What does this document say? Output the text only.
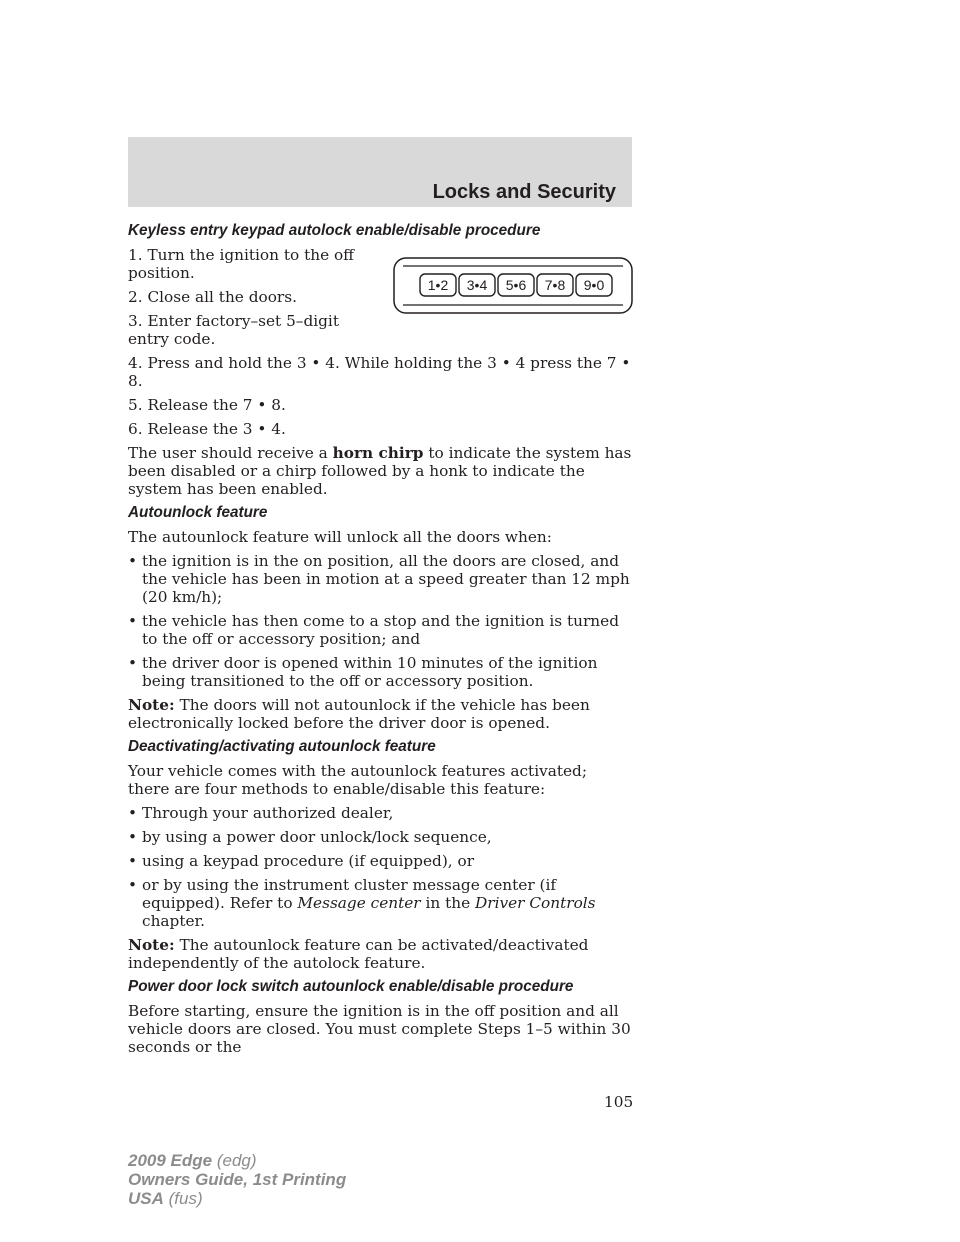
Locks and Security
1•2 3•4 5•6 7•8 9•0
Keyless entry keypad autolock enable/disable procedure

1. Turn the ignition to the off position.

2. Close all the doors.

3. Enter factory–set 5–digit entry code.

4. Press and hold the 3 • 4. While holding the 3 • 4 press the 7 • 8.

5. Release the 7 • 8.

6. Release the 3 • 4.

The user should receive a horn chirp to indicate the system has been disabled or a chirp followed by a honk to indicate the system has been enabled.

Autounlock feature

The autounlock feature will unlock all the doors when:

• the ignition is in the on position, all the doors are closed, and the vehicle has been in motion at a speed greater than 12 mph (20 km/h);
• the vehicle has then come to a stop and the ignition is turned to the off or accessory position; and
• the driver door is opened within 10 minutes of the ignition being transitioned to the off or accessory position.

Note: The doors will not autounlock if the vehicle has been electronically locked before the driver door is opened.

Deactivating/activating autounlock feature

Your vehicle comes with the autounlock features activated; there are four methods to enable/disable this feature:

• Through your authorized dealer,
• by using a power door unlock/lock sequence,
• using a keypad procedure (if equipped), or
• or by using the instrument cluster message center (if equipped). Refer to Message center in the Driver Controls chapter.

Note: The autounlock feature can be activated/deactivated independently of the autolock feature.

Power door lock switch autounlock enable/disable procedure

Before starting, ensure the ignition is in the off position and all vehicle doors are closed. You must complete Steps 1–5 within 30 seconds or the

105
2009 Edge (edg)
Owners Guide, 1st Printing
USA (fus)
